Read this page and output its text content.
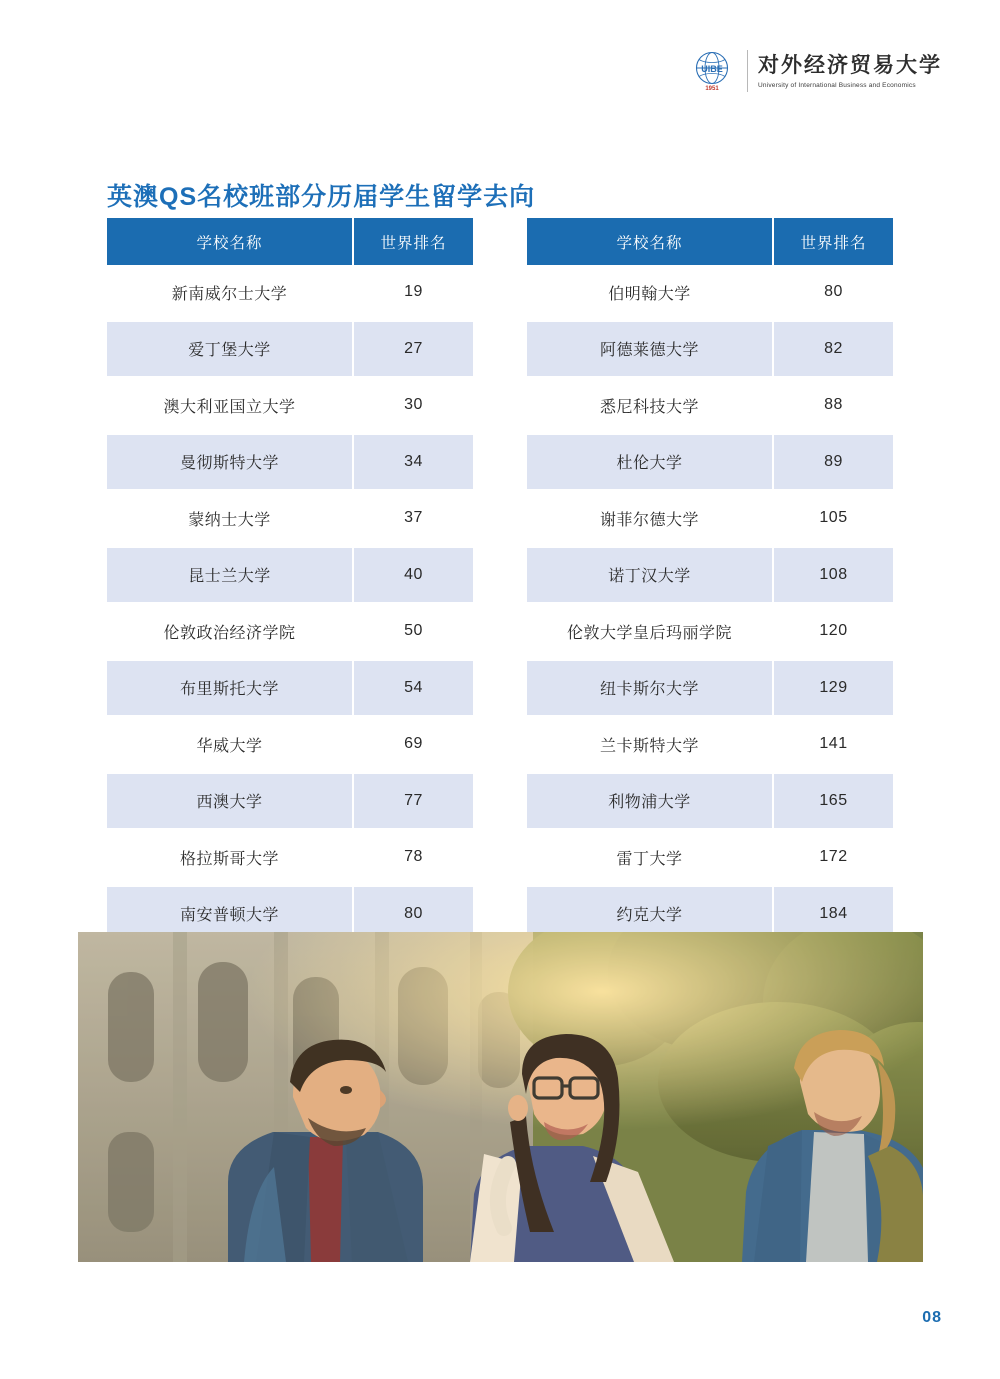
UIBE
1951
对外经济贸易大学
University of International Business and Economics
英澳QS名校班部分历届学生留学去向
学校名称	世界排名
新南威尔士大学	19
爱丁堡大学	27
澳大利亚国立大学	30
曼彻斯特大学	34
蒙纳士大学	37
昆士兰大学	40
伦敦政治经济学院	50
布里斯托大学	54
华威大学	69
西澳大学	77
格拉斯哥大学	78
南安普顿大学	80
学校名称	世界排名
伯明翰大学	80
阿德莱德大学	82
悉尼科技大学	88
杜伦大学	89
谢菲尔德大学	105
诺丁汉大学	108
伦敦大学皇后玛丽学院	120
纽卡斯尔大学	129
兰卡斯特大学	141
利物浦大学	165
雷丁大学	172
约克大学	184
08
